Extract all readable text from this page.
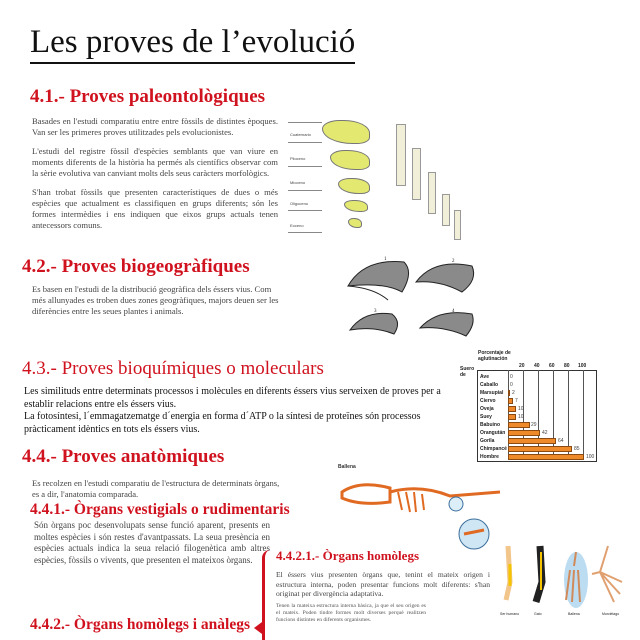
Les proves de l’evolució
4.1.- Proves paleontològiques

Basades en l'estudi comparatiu entre entre fòssils de distintes èpoques. Van ser les primeres proves utilitzades pels evolucionistes.

L'estudi del registre fòssil d'espècies semblants que van viure en moments diferents de la història ha permés als científics observar com la sèrie evolutiva van canviant molts dels seus caràcters morfològics.

S'han trobat fòssils que presenten característiques de dues o més espècies que actualment es classifiquen en grups diferents; són les formes intermèdies i ens indiquen que eixos grups actuals tenen antecessors comuns.

Cuaternario
Plioceno
Mioceno
Oligoceno
Eoceno
4.2.- Proves biogeogràfiques

Es basen en l'estudi de la distribució geogràfica dels éssers vius. Com més allunyades es troben dues zones geogràfiques, majors deuen ser les diferències entre les seues plantes i animals.

1	2
3	4
4.3.- Proves bioquímiques o moleculars

Les similituds entre determinats processos i molècules en diferents éssers vius serveixen de proves per a establir relacions entre els éssers vius.

La fotosíntesi, l´emmagatzematge d´energia en forma d´ATP o la síntesi de proteïnes són processos pràcticament idèntics en tots els éssers vius.

Porcentaje de aglutinación
Suero de
20 40 60 80 100
Ave	0
Caballo 0
Marsupial 2
Ciervo	7
Oveja	10
Suey	10
Babuino	29
Orangután	42
Gorila	64
Chimpancé	85
Hombre	100
4.4.- Proves anatòmiques

Es recolzen en l'estudi comparatiu de l'estructura de determinats òrgans, es a dir, l'anatomia comparada.

Ballena
4.4.1.- Òrgans vestigials o rudimentaris

Són òrgans poc desenvolupats sense funció aparent, presents en moltes espècies i són restes d'avantpassats. La seua presència en espècies actuals indica la seua relació filogenètica amb altres espècies, fòssils o vivents, que presenten el mateixos òrgans.

4.4.2.- Òrgans homòlegs i anàlegs
4.4.2.1.- Òrgans homòlegs

El éssers vius presenten òrgans que, tenint el mateix origen i estructura interna, poden presentar funcions molt diferents: s'han originat per divergència adaptativa.

Tenen la mateixa estructura interna bàsica, ja que el seu origen es el mateix. Poden tindre formes molt diverses perquè realitzen funcions distintes en diferents organismes.

Ser humano	Gato	Ballena	Murciélago
